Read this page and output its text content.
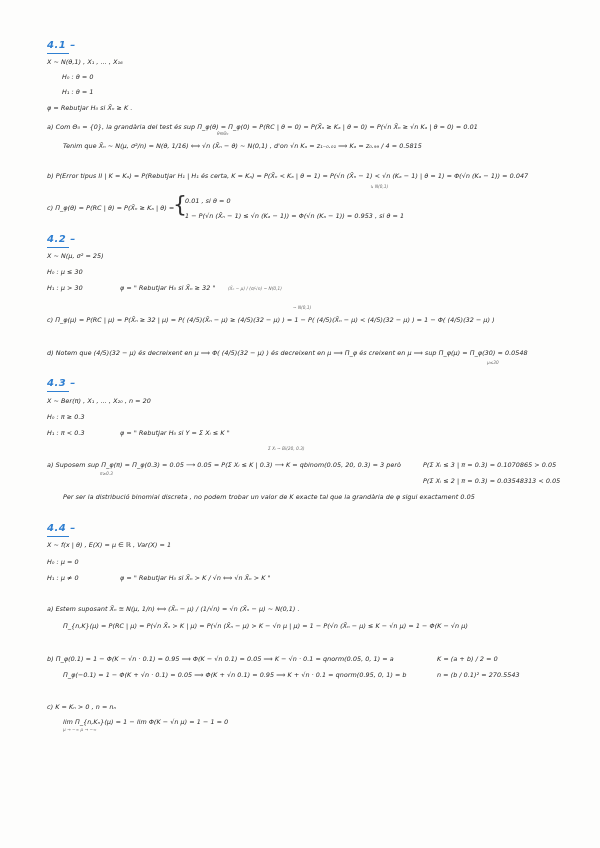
4.1 –
X ~ N(θ,1) , X₁ , ... , X₁₆
H₀ : θ = 0
H₁ : θ = 1
φ = Rebutjar H₀ si X̄ₙ ≥ K .
a) Com Θ₀ = {0}, la grandària del test és sup Π_φ(θ) = Π_φ(0) = P(RC | θ = 0) = P(X̄ₙ ≥ Kₐ | θ = 0) = P(√n X̄ₙ ≥ √n Kₐ | θ = 0) = 0.01
θ∈Θ₀
Tenim que X̄ₙ ~ N(μ, σ²/n) = N(θ, 1/16) ⟺ √n (X̄ₙ − θ) ~ N(0,1) , d'on √n Kₐ = z₁₋₀.₀₁ ⟹ Kₐ = z₀.₉₉ / 4 = 0.5815
b) P(Error tipus II | K = Kₐ) = P(Rebutjar H₁ | H₁ és certa, K = Kₐ) = P(X̄ₙ < Kₐ | θ = 1) = P(√n (X̄ₙ − 1) < √n (Kₐ − 1) | θ = 1) = Φ(√n (Kₐ − 1)) = 0.047
↳ N(0,1)
c) Π_φ(θ) = P(RC | θ) = P(X̄ₙ ≥ Kₐ | θ) =
{
0.01 , si θ = 0
1 − P(√n (X̄ₙ − 1) ≤ √n (Kₐ − 1)) = Φ(√n (Kₐ − 1)) = 0.953 , si θ = 1
4.2 –
X ~ N(μ, σ² = 25)
H₀ : μ ≤ 30
H₁ : μ > 30	φ = " Rebutjar H₀ si X̄ₙ ≥ 32 "	(X̄ₙ − μ) / (σ/√n) ~ N(0,1)
~ N(0,1)
c) Π_φ(μ) = P(RC | μ) = P(X̄ₙ ≥ 32 | μ) = P( (4/5)(X̄ₙ − μ) ≥ (4/5)(32 − μ) ) = 1 − P( (4/5)(X̄ₙ − μ) < (4/5)(32 − μ) ) = 1 − Φ( (4/5)(32 − μ) )
d) Notem que (4/5)(32 − μ) és decreixent en μ ⟹ Φ( (4/5)(32 − μ) ) és decreixent en μ ⟹ Π_φ és creixent en μ ⟹ sup Π_φ(μ) = Π_φ(30) ≈ 0.0548
μ≤30
4.3 –
X ~ Ber(π) , X₁ , ... , X₂₀ , n = 20
H₀ : π ≥ 0.3
H₁ : π < 0.3	φ = " Rebutjar H₀ si Y = Σ Xᵢ ≤ K "
Σ Xᵢ ~ Bi(20, 0.3)
a) Suposem sup Π_φ(π) = Π_φ(0.3) = 0.05 ⟶ 0.05 = P(Σ Xᵢ ≤ K | 0.3) ⟶ K = qbinom(0.05, 20, 0.3) = 3 però
π≥0.3
P(Σ Xᵢ ≤ 3 | π = 0.3) = 0.1070865 > 0.05
P(Σ Xᵢ ≤ 2 | π = 0.3) = 0.03548313 < 0.05
Per ser la distribució binomial discreta , no podem trobar un valor de K exacte tal que la grandària de φ sigui exactament 0.05
4.4 –
X ~ f(x | θ) , E(X) = μ ∈ ℝ , Var(X) = 1
H₀ : μ = 0
H₁ : μ ≠ 0	φ = " Rebutjar H₀ si X̄ₙ > K / √n ⟺ √n X̄ₙ > K "
a) Estem suposant X̄ₙ ≅ N(μ, 1/n) ⟺ (X̄ₙ − μ) / (1/√n) = √n (X̄ₙ − μ) ~ N(0,1) .
Π_{n,K}(μ) = P(RC | μ) = P(√n X̄ₙ > K | μ) = P(√n (X̄ₙ − μ) > K − √n μ | μ) = 1 − P(√n (X̄ₙ − μ) ≤ K − √n μ) = 1 − Φ(K − √n μ)
b) Π_φ(0.1) = 1 − Φ(K − √n · 0.1) = 0.95 ⟹ Φ(K − √n 0.1) = 0.05 ⟹ K − √n · 0.1 = qnorm(0.05, 0, 1) = a	K = (a + b) / 2 = 0
Π_φ(−0.1) = 1 − Φ(K + √n · 0.1) = 0.05 ⟹ Φ(K + √n 0.1) = 0.95 ⟹ K + √n · 0.1 = qnorm(0.95, 0, 1) = b	n = (b / 0.1)² = 270.5543
c) K = Kₙ > 0 , n = nₙ
lim Π_{n,Kₙ}(μ) = 1 − lim Φ(K − √n μ) = 1 − 1 = 0
μ → −∞ μ → −∞
